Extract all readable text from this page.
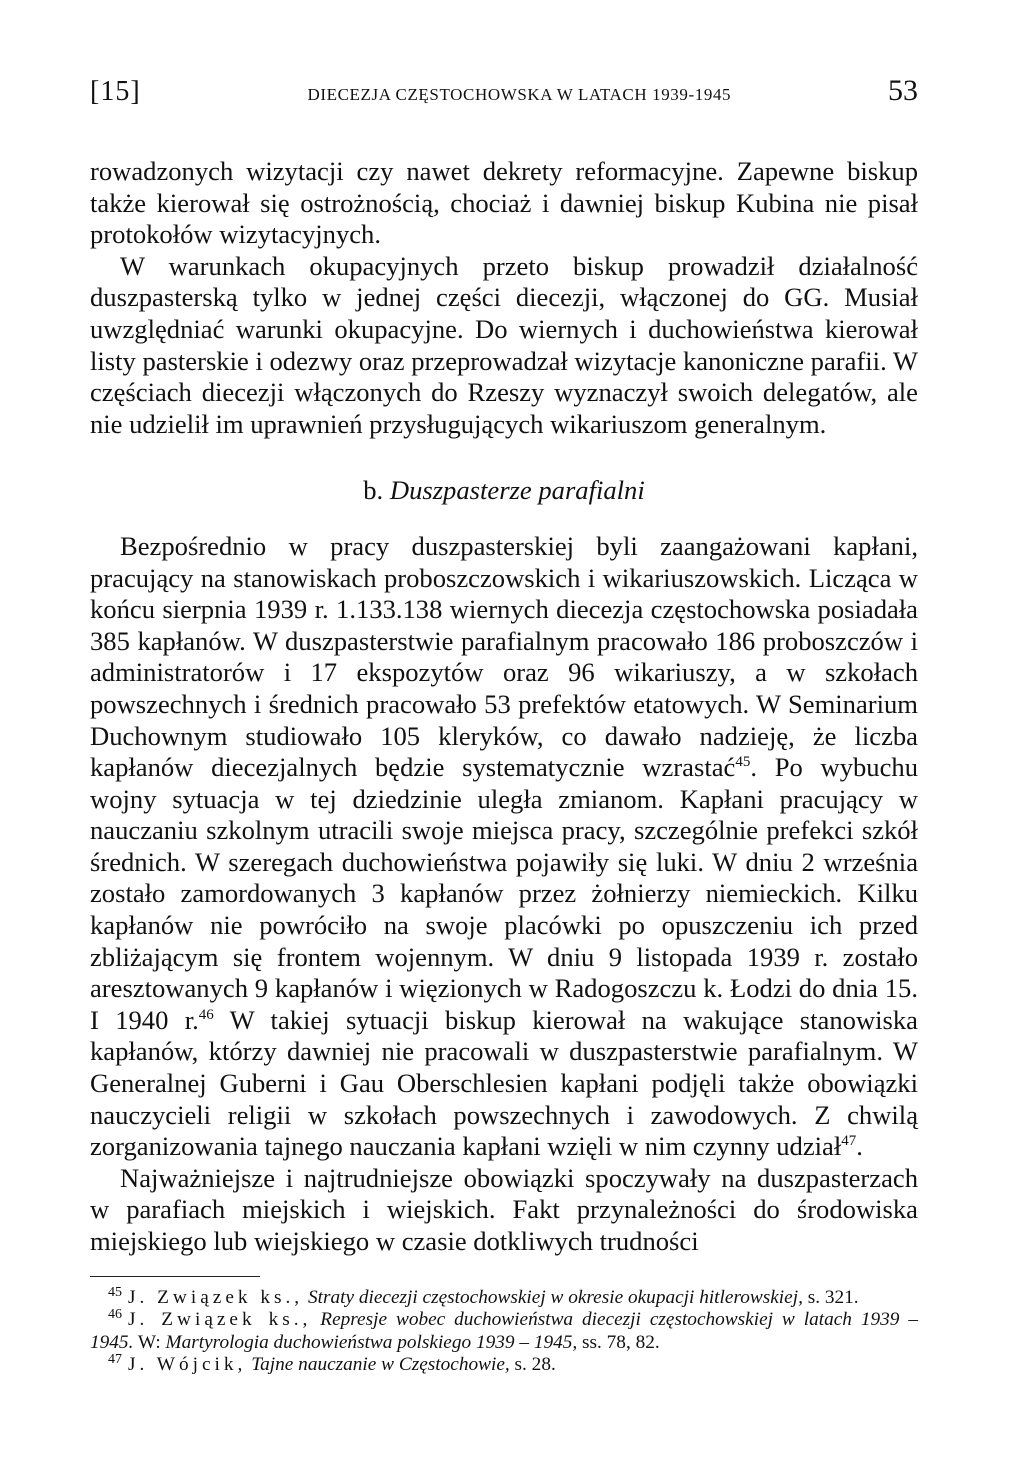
[15]	DIECEZJA CZĘSTOCHOWSKA W LATACH 1939-1945	53

rowadzonych wizytacji czy nawet dekrety reformacyjne. Zapewne biskup także kierował się ostrożnością, chociaż i dawniej biskup Kubina nie pisał protokołów wizytacyjnych.

W warunkach okupacyjnych przeto biskup prowadził działalność duszpasterską tylko w jednej części diecezji, włączonej do GG. Musiał uwzględniać warunki okupacyjne. Do wiernych i duchowieństwa kierował listy pasterskie i odezwy oraz przeprowadzał wizytacje kanoniczne parafii. W częściach diecezji włączonych do Rzeszy wyznaczył swoich delegatów, ale nie udzielił im uprawnień przysługujących wikariuszom generalnym.

b. Duszpasterze parafialni

Bezpośrednio w pracy duszpasterskiej byli zaangażowani kapłani, pracujący na stanowiskach proboszczowskich i wikariuszowskich. Licząca w końcu sierpnia 1939 r. 1.133.138 wiernych diecezja częstochowska posiadała 385 kapłanów. W duszpasterstwie parafialnym pracowało 186 proboszczów i administratorów i 17 ekspozytów oraz 96 wikariuszy, a w szkołach powszechnych i średnich pracowało 53 prefektów etatowych. W Seminarium Duchownym studiowało 105 kleryków, co dawało nadzieję, że liczba kapłanów diecezjalnych będzie systematycznie wzrastać$^{45}$. Po wybuchu wojny sytuacja w tej dziedzinie uległa zmianom. Kapłani pracujący w nauczaniu szkolnym utracili swoje miejsca pracy, szczególnie prefekci szkół średnich. W szeregach duchowieństwa pojawiły się luki. W dniu 2 września zostało zamordowanych 3 kapłanów przez żołnierzy niemieckich. Kilku kapłanów nie powróciło na swoje placówki po opuszczeniu ich przed zbliżającym się frontem wojennym. W dniu 9 listopada 1939 r. zostało aresztowanych 9 kapłanów i więzionych w Radogoszczu k. Łodzi do dnia 15. I 1940 r.$^{46}$ W takiej sytuacji biskup kierował na wakujące stanowiska kapłanów, którzy dawniej nie pracowali w duszpasterstwie parafialnym. W Generalnej Guberni i Gau Oberschlesien kapłani podjęli także obowiązki nauczycieli religii w szkołach powszechnych i zawodowych. Z chwilą zorganizowania tajnego nauczania kapłani wzięli w nim czynny udział$^{47}$.

Najważniejsze i najtrudniejsze obowiązki spoczywały na duszpasterzach w parafiach miejskich i wiejskich. Fakt przynależności do środowiska miejskiego lub wiejskiego w czasie dotkliwych trudności

$^{45}$ J. Związek ks., Straty diecezji częstochowskiej w okresie okupacji hitlerowskiej, s. 321.

$^{46}$ J. Związek ks., Represje wobec duchowieństwa diecezji częstochowskiej w latach 1939 – 1945. W: Martyrologia duchowieństwa polskiego 1939 – 1945, ss. 78, 82.

$^{47}$ J. Wójcik, Tajne nauczanie w Częstochowie, s. 28.
